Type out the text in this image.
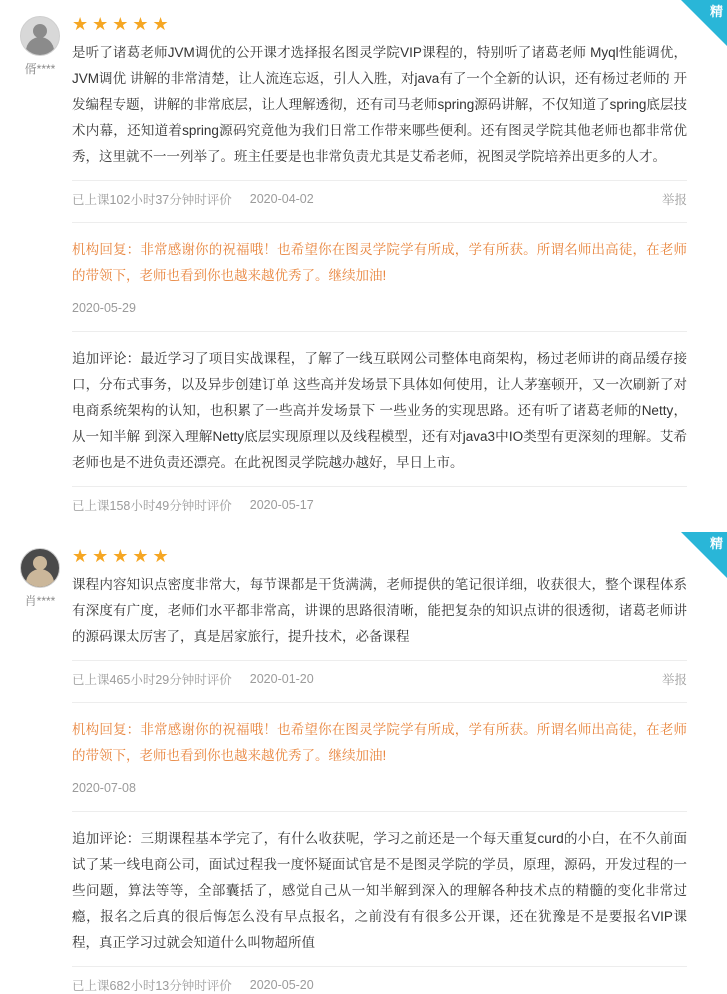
精
偦****
★★★★★
是听了诸葛老师JVM调优的公开课才选择报名图灵学院VIP课程的，特别听了诸葛老师 Myql性能调优， JVM调优 讲解的非常清楚，让人流连忘返，引人入胜，对java有了一个全新的认识，还有杨过老师的 开发编程专题，讲解的非常底层，让人理解透彻，还有司马老师spring源码讲解，不仅知道了spring底层技术内幕，还知道着spring源码究竟他为我们日常工作带来哪些便利。还有图灵学院其他老师也都非常优秀，这里就不一一列举了。班主任要是也非常负责尤其是艾希老师，祝图灵学院培养出更多的人才。
已上课102小时37分钟时评价 2020-04-02	举报
机构回复：非常感谢你的祝福哦！也希望你在图灵学院学有所成，学有所获。所谓名师出高徒，在老师的带领下，老师也看到你也越来越优秀了。继续加油!
2020-05-29
追加评论：最近学习了项目实战课程，了解了一线互联网公司整体电商架构，杨过老师讲的商品缓存接口，分布式事务，以及异步创建订单 这些高并发场景下具体如何使用，让人茅塞顿开，又一次刷新了对电商系统架构的认知，也积累了一些高并发场景下 一些业务的实现思路。还有听了诸葛老师的Netty，从一知半解 到深入理解Netty底层实现原理以及线程模型，还有对java3中IO类型有更深刻的理解。艾希老师也是不进负责还漂亮。在此祝图灵学院越办越好，早日上市。
已上课158小时49分钟时评价 2020-05-17
精
肖****
★★★★★
课程内容知识点密度非常大，每节课都是干货满满，老师提供的笔记很详细，收获很大，整个课程体系有深度有广度，老师们水平都非常高，讲课的思路很清晰，能把复杂的知识点讲的很透彻，诸葛老师讲的源码课太厉害了，真是居家旅行，提升技术，必备课程
已上课465小时29分钟时评价 2020-01-20	举报
机构回复：非常感谢你的祝福哦！也希望你在图灵学院学有所成，学有所获。所谓名师出高徒，在老师的带领下，老师也看到你也越来越优秀了。继续加油!
2020-07-08
追加评论：三期课程基本学完了，有什么收获呢，学习之前还是一个每天重复curd的小白，在不久前面试了某一线电商公司，面试过程我一度怀疑面试官是不是图灵学院的学员，原理，源码，开发过程的一些问题，算法等等，全部囊括了，感觉自己从一知半解到深入的理解各种技术点的精髓的变化非常过瘾，报名之后真的很后悔怎么没有早点报名，之前没有有很多公开课，还在犹豫是不是要报名VIP课程，真正学习过就会知道什么叫物超所值
已上课682小时13分钟时评价 2020-05-20
